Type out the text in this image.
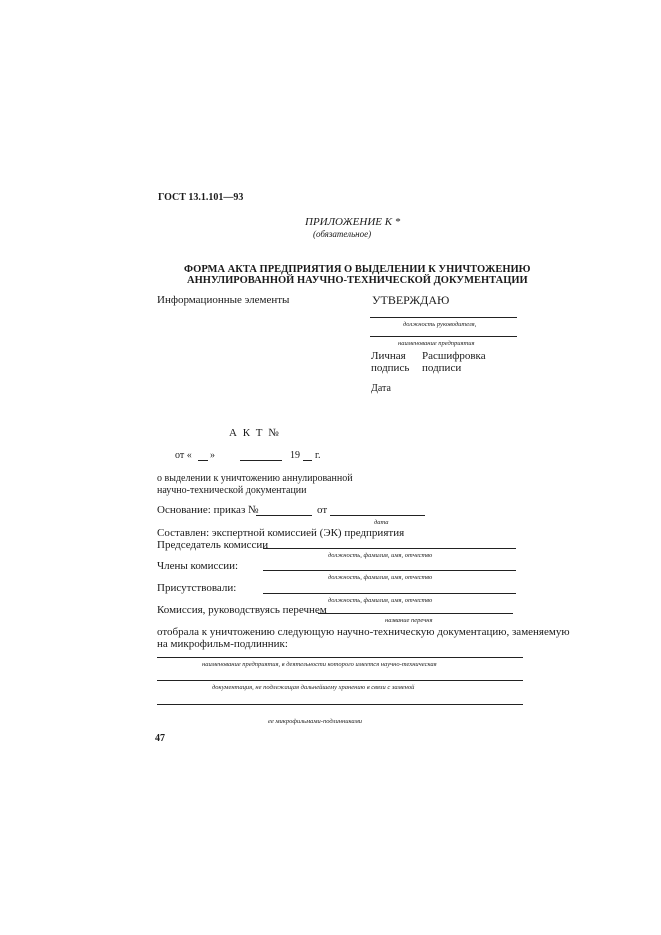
ГОСТ 13.1.101—93
ПРИЛОЖЕНИЕ К *
(обязательное)
ФОРМА АКТА ПРЕДПРИЯТИЯ О ВЫДЕЛЕНИИ К УНИЧТОЖЕНИЮ
АННУЛИРОВАННОЙ НАУЧНО-ТЕХНИЧЕСКОЙ ДОКУМЕНТАЦИИ
Информационные элементы	УТВЕРЖДАЮ
должность руководителя,
наименование предприятия
Личная
подпись
Расшифровка
подписи
Дата
А К Т №
от « »	19 г.
о выделении к уничтожению аннулированной
научно-технической документации
Основание: приказ №	от
дата
Составлен: экспертной комиссией (ЭК) предприятия
Председатель комиссии
должность, фамилия, имя, отчество
Члены комиссии:
должность, фамилия, имя, отчество
Присутствовали:
должность, фамилия, имя, отчество
Комиссия, руководствуясь перечнем
название перечня
отобрала к уничтожению следующую научно-техническую документацию, заменяемую
на микрофильм-подлинник:
наименование предприятия, в деятельности которого имеется научно-техническая
документация, не подлежащая дальнейшему хранению в связи с заменой
ее микрофильмами-подлинниками
47
